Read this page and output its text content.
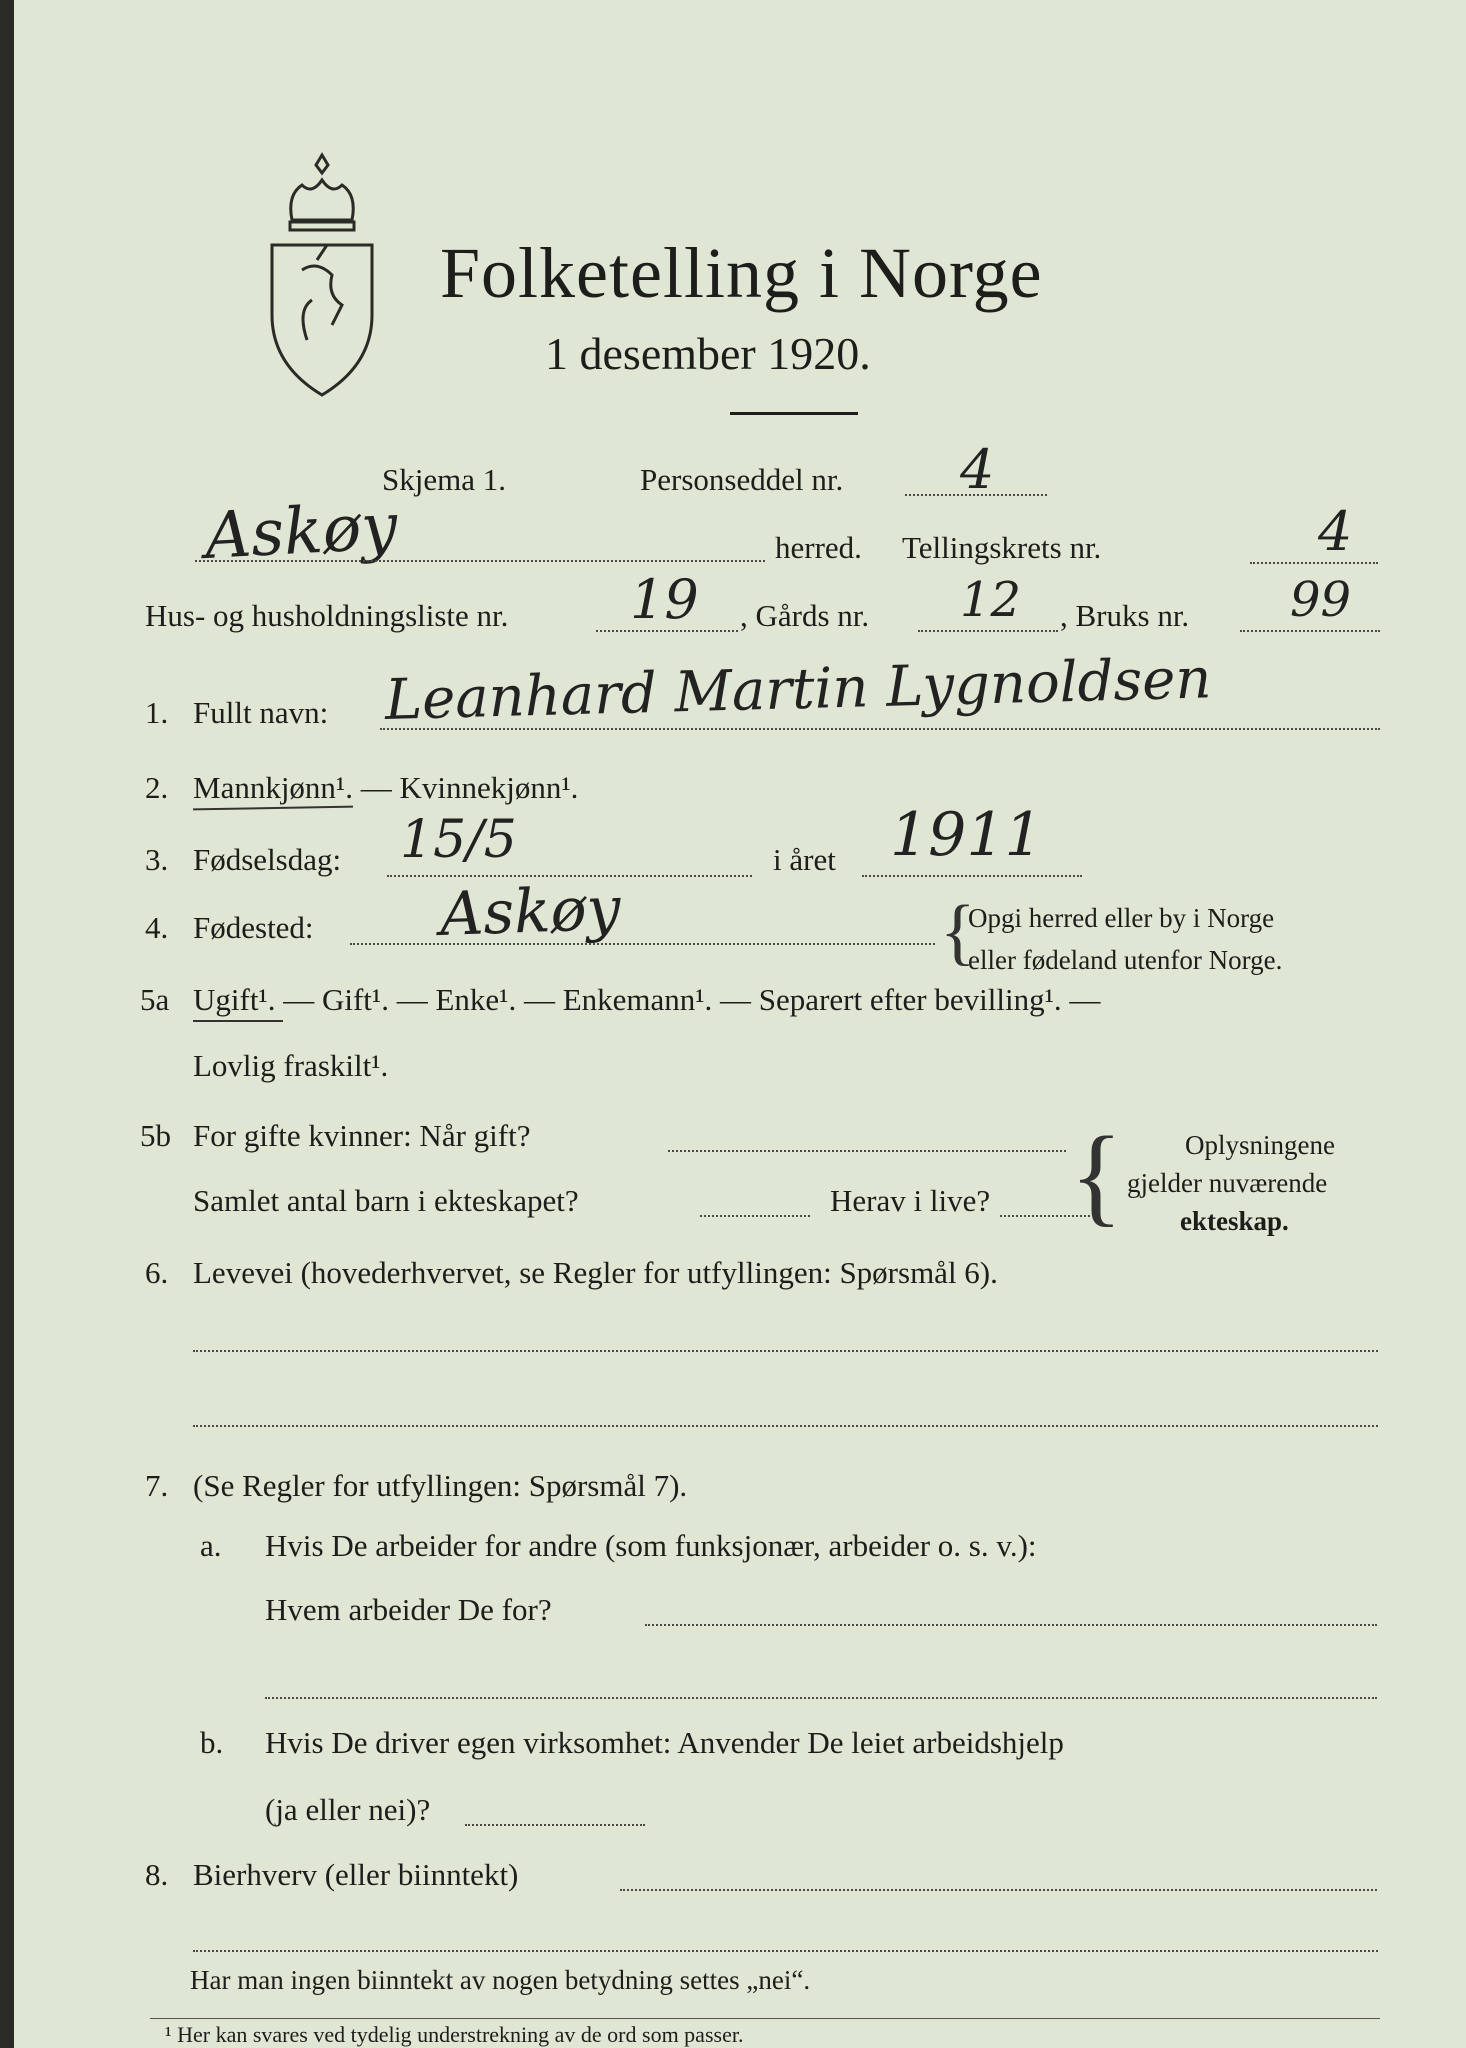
Folketelling i Norge
1 desember 1920.
Skjema 1.	Personseddel nr. 4
Askøy	herred. Tellingskrets nr.	4
Hus- og husholdningsliste nr. 19 , Gårds nr. 12 , Bruks nr. 99
1. Fullt navn: Leanhard Martin Lygnoldsen
2. Mannkjønn¹. — Kvinnekjønn¹.
3. Fødselsdag: 15/5	i året 1911
4. Fødested: Askøy	{
Opgi herred eller by i Norge
eller fødeland utenfor Norge.
5a Ugift¹. — Gift¹. — Enke¹. — Enkemann¹. — Separert efter bevilling¹. —
Lovlig fraskilt¹.
5b For gifte kvinner: Når gift?
Samlet antal barn i ekteskapet?	Herav i live? { Oplysningene
gjelder nuværende
ekteskap.
6. Levevei (hovederhvervet, se Regler for utfyllingen: Spørsmål 6).
7. (Se Regler for utfyllingen: Spørsmål 7).
a. Hvis De arbeider for andre (som funksjonær, arbeider o. s. v.):
Hvem arbeider De for?
b. Hvis De driver egen virksomhet: Anvender De leiet arbeidshjelp
(ja eller nei)?
8. Bierhverv (eller biinntekt)
Har man ingen biinntekt av nogen betydning settes „nei“.
¹ Her kan svares ved tydelig understrekning av de ord som passer.
